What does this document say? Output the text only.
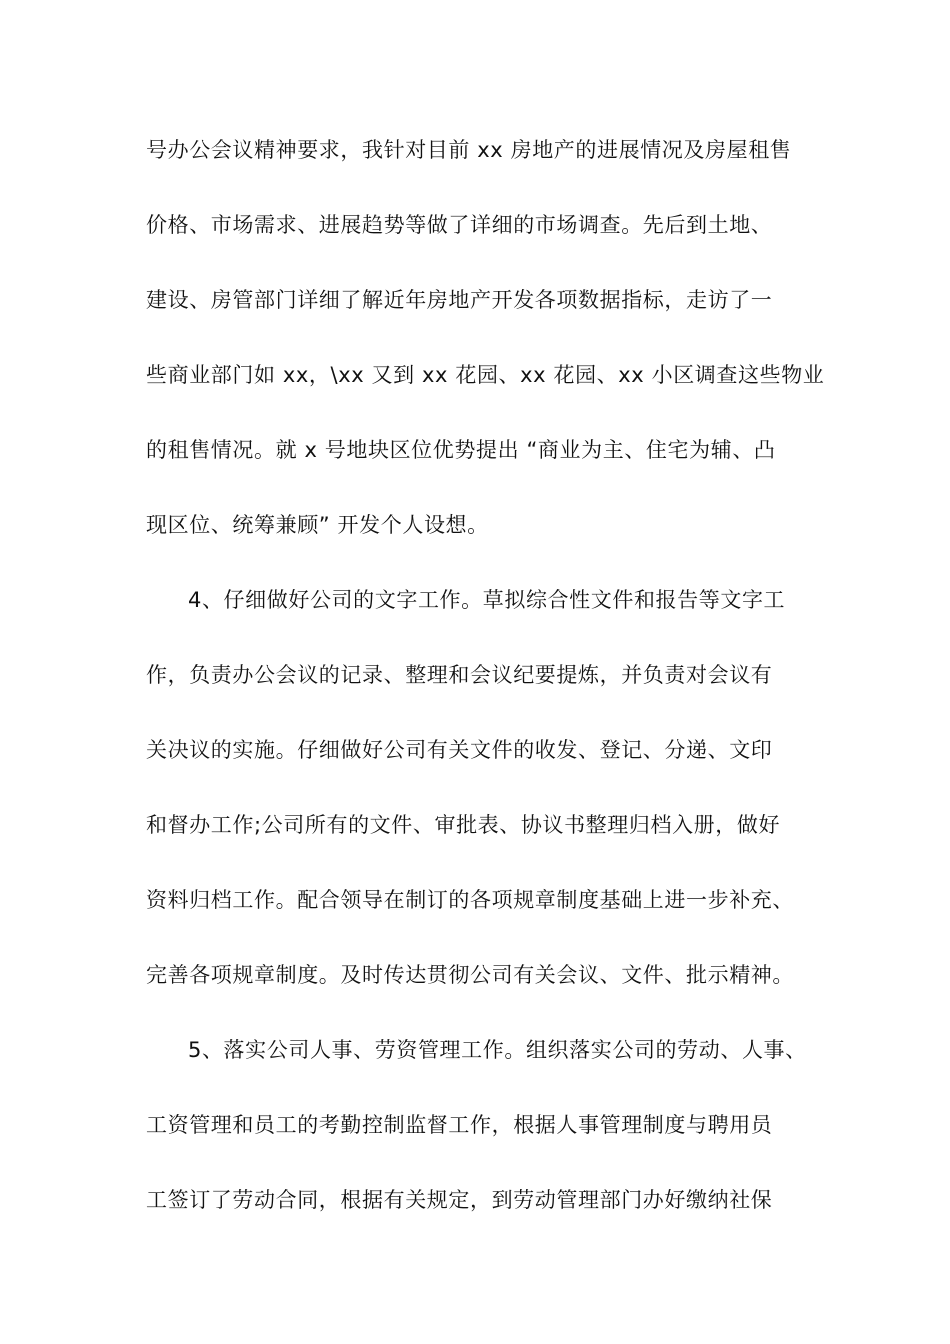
号办公会议精神要求，我针对目前 xx 房地产的进展情况及房屋租售
价格、市场需求、进展趋势等做了详细的市场调查。先后到土地、
建设、房管部门详细了解近年房地产开发各项数据指标，走访了一
些商业部门如 xx，\xx 又到 xx 花园、xx 花园、xx 小区调查这些物业
的租售情况。就 x 号地块区位优势提出 “商业为主、住宅为辅、凸
现区位、统筹兼顾” 开发个人设想。
4、仔细做好公司的文字工作。草拟综合性文件和报告等文字工
作，负责办公会议的记录、整理和会议纪要提炼，并负责对会议有
关决议的实施。仔细做好公司有关文件的收发、登记、分递、文印
和督办工作;公司所有的文件、审批表、协议书整理归档入册，做好
资料归档工作。配合领导在制订的各项规章制度基础上进一步补充、
完善各项规章制度。及时传达贯彻公司有关会议、文件、批示精神。
5、落实公司人事、劳资管理工作。组织落实公司的劳动、人事、
工资管理和员工的考勤控制监督工作，根据人事管理制度与聘用员
工签订了劳动合同，根据有关规定，到劳动管理部门办好缴纳社保
